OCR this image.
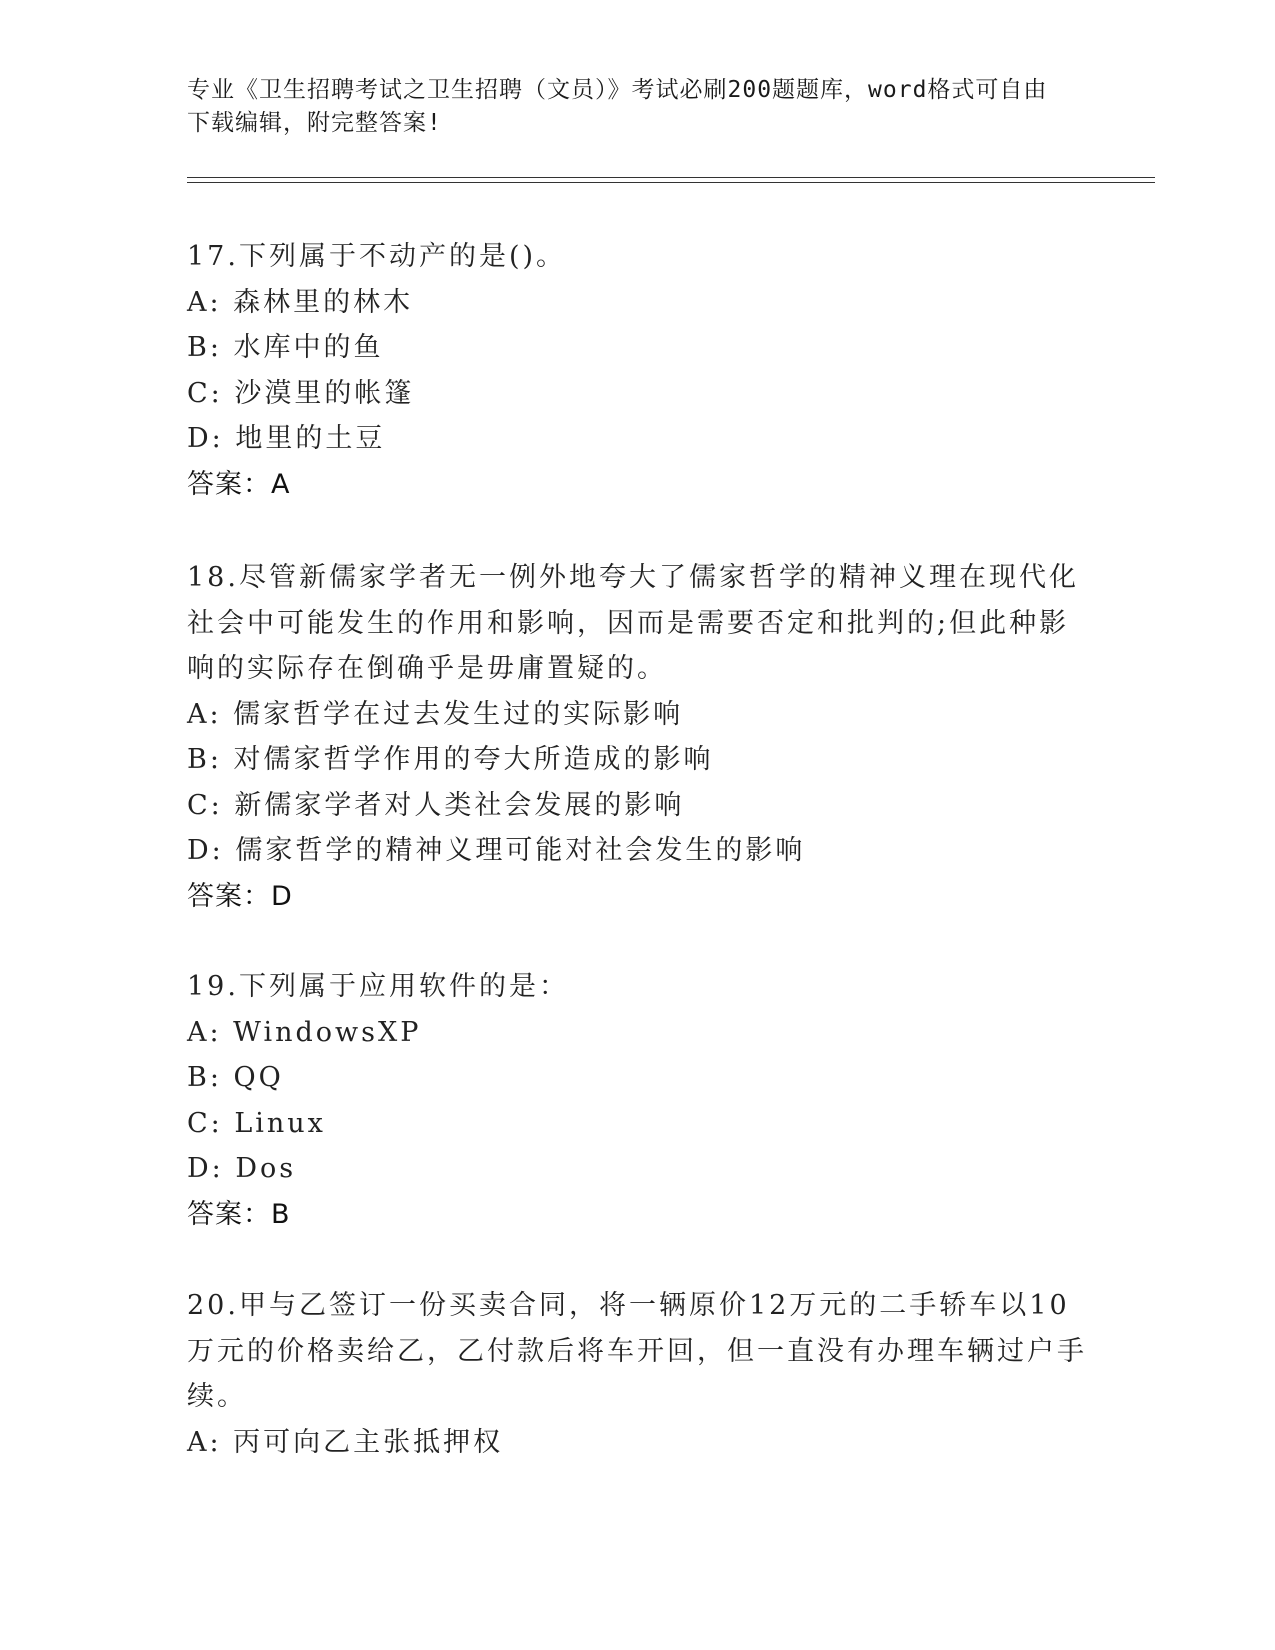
专业《卫生招聘考试之卫生招聘（文员）》考试必刷200题题库，word格式可自由下载编辑，附完整答案!
17.下列属于不动产的是()。
A: 森林里的林木
B: 水库中的鱼
C: 沙漠里的帐篷
D: 地里的土豆
答案：A
18.尽管新儒家学者无一例外地夸大了儒家哲学的精神义理在现代化社会中可能发生的作用和影响，因而是需要否定和批判的;但此种影响的实际存在倒确乎是毋庸置疑的。
A: 儒家哲学在过去发生过的实际影响
B: 对儒家哲学作用的夸大所造成的影响
C: 新儒家学者对人类社会发展的影响
D: 儒家哲学的精神义理可能对社会发生的影响
答案：D
19.下列属于应用软件的是：
A: WindowsXP
B: QQ
C: Linux
D: Dos
答案：B
20.甲与乙签订一份买卖合同，将一辆原价12万元的二手轿车以10万元的价格卖给乙，乙付款后将车开回，但一直没有办理车辆过户手续。
A: 丙可向乙主张抵押权
